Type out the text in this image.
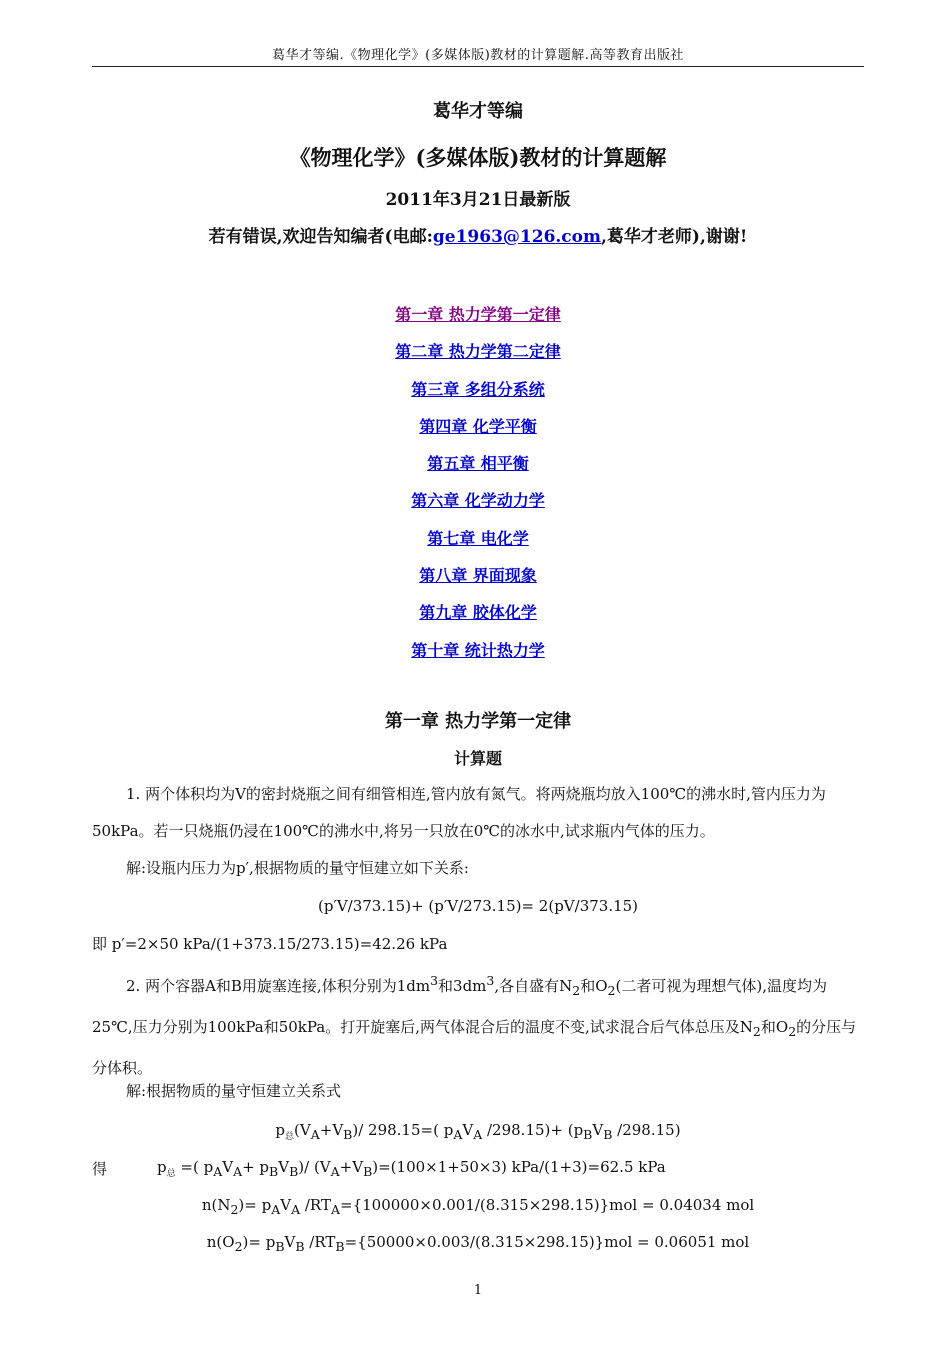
葛华才等编.《物理化学》(多媒体版)教材的计算题解.高等教育出版社
葛华才等编
《物理化学》(多媒体版)教材的计算题解
2011年3月21日最新版
若有错误,欢迎告知编者(电邮:ge1963@126.com,葛华才老师),谢谢!
第一章 热力学第一定律
第二章 热力学第二定律
第三章 多组分系统
第四章 化学平衡
第五章 相平衡
第六章 化学动力学
第七章 电化学
第八章 界面现象
第九章 胶体化学
第十章 统计热力学
第一章 热力学第一定律
计算题
1. 两个体积均为V的密封烧瓶之间有细管相连,管内放有氮气。将两烧瓶均放入100℃的沸水时,管内压力为50kPa。若一只烧瓶仍浸在100℃的沸水中,将另一只放在0℃的冰水中,试求瓶内气体的压力。
解:设瓶内压力为p′,根据物质的量守恒建立如下关系:
(p′V/373.15)+ (p′V/273.15)= 2(pV/373.15)
即 p′=2×50 kPa/(1+373.15/273.15)=42.26 kPa
2. 两个容器A和B用旋塞连接,体积分别为$1dm^3$和$3dm^3$,各自盛有$N_2$和$O_2$(二者可视为理想气体),温度均为25℃,压力分别为100kPa和50kPa。打开旋塞后,两气体混合后的温度不变,试求混合后气体总压及$N_2$和$O_2$的分压与分体积。
解:根据物质的量守恒建立关系式
$p_总(V_A+V_B)/$ 298.15=( $p_AV_A$ $/298.15)+ (p_BV_B$ /298.15)
得	$p_总$ =( $p_AV_A+ p_BV_B)/$ $(V_A+V_B)=(100\times 1+50\times 3)$ kPa/(1+3)=62.5 kPa
$n(N_2)= p_AV_A$ $/RT_A=\{100000\times 0.001/(8.315\times 298.15)\}mol = 0.04034$ mol
$n(O_2)= p_BV_B$ $/RT_B=\{50000\times 0.003/(8.315\times 298.15)\}mol = 0.06051$ mol
1
